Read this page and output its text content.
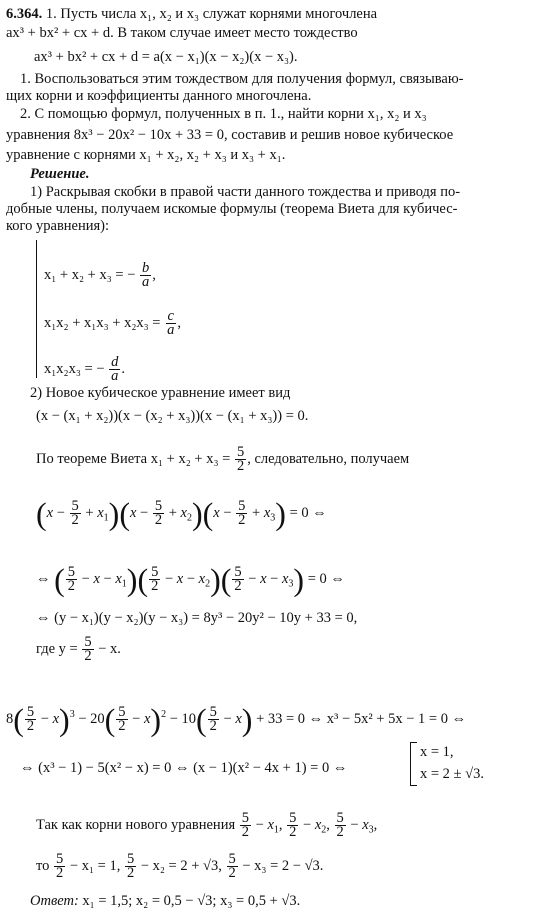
6.364. 1. Пусть числа x₁, x₂ и x₃ служат корнями многочлена
ax³ + bx² + cx + d. В таком случае имеет место тождество
ax³ + bx² + cx + d = a(x − x₁)(x − x₂)(x − x₃).
1. Воспользоваться этим тождеством для получения формул, связываю-
щих корни и коэффициенты данного многочлена.
2. С помощью формул, полученных в п. 1., найти корни x₁, x₂ и x₃
уравнения 8x³ − 20x² − 10x + 33 = 0, составив и решив новое кубическое
уравнение с корнями x₁ + x₂, x₂ + x₃ и x₃ + x₁.
Решение.
1) Раскрывая скобки в правой части данного тождества и приводя по-
добные члены, получаем искомые формулы (теорема Виета для кубичес-
кого уравнения):
x₁ + x₂ + x₃ = − $\frac{b}{a}$ ,
$x_1x_2 + x_1x_3 + x_2x_3 = \frac{c}{a}$ ,
x₁x₂x₃ = − $\frac{d}{a}$ .
2) Новое кубическое уравнение имеет вид
(x − (x₁ + x₂))(x − (x₂ + x₃))(x − (x₁ + x₃)) = 0.
По теореме Виета $x_1 + x_2 + x_3 = \frac{5}{2}$ , следовательно, получаем
$(x - \frac{5}{2} + x_1)(x - \frac{5}{2} + x_2)(x - \frac{5}{2} + x_3) = 0$ ⇔
⇔ ( $\frac{5}{2} - x - x_1)( \frac{5}{2} - x - x_2)( \frac{5}{2} - x - x_3) = 0$ ⇔
⇔ (y − x₁)(y − x₂)(y − x₃) = 8y³ − 20y² − 10y + 33 = 0,
где $y = \frac{5}{2} - x$.
$8( \frac{5}{2} - x)^3 - 20( \frac{5}{2} - x)^2 - 10( \frac{5}{2} - x) + 33 = 0$ ⇔ x³ − 5x² + 5x − 1 = 0 ⇔
⇔ (x³ − 1) − 5(x² − x) = 0 ⇔ (x − 1)(x² − 4x + 1) = 0 ⇔
x = 1,
x = 2 ± √3.
Так как корни нового уравнения $\frac{5}{2} - x_1$, $\frac{5}{2} - x_2$, $\frac{5}{2} - x_3$,
то $\frac{5}{2} - x_1 = 1$, $\frac{5}{2} - x_2 = 2 + √3$, $\frac{5}{2} - x_3 = 2 - √3$.
Ответ: x₁ = 1,5; x₂ = 0,5 − √3; x₃ = 0,5 + √3.
